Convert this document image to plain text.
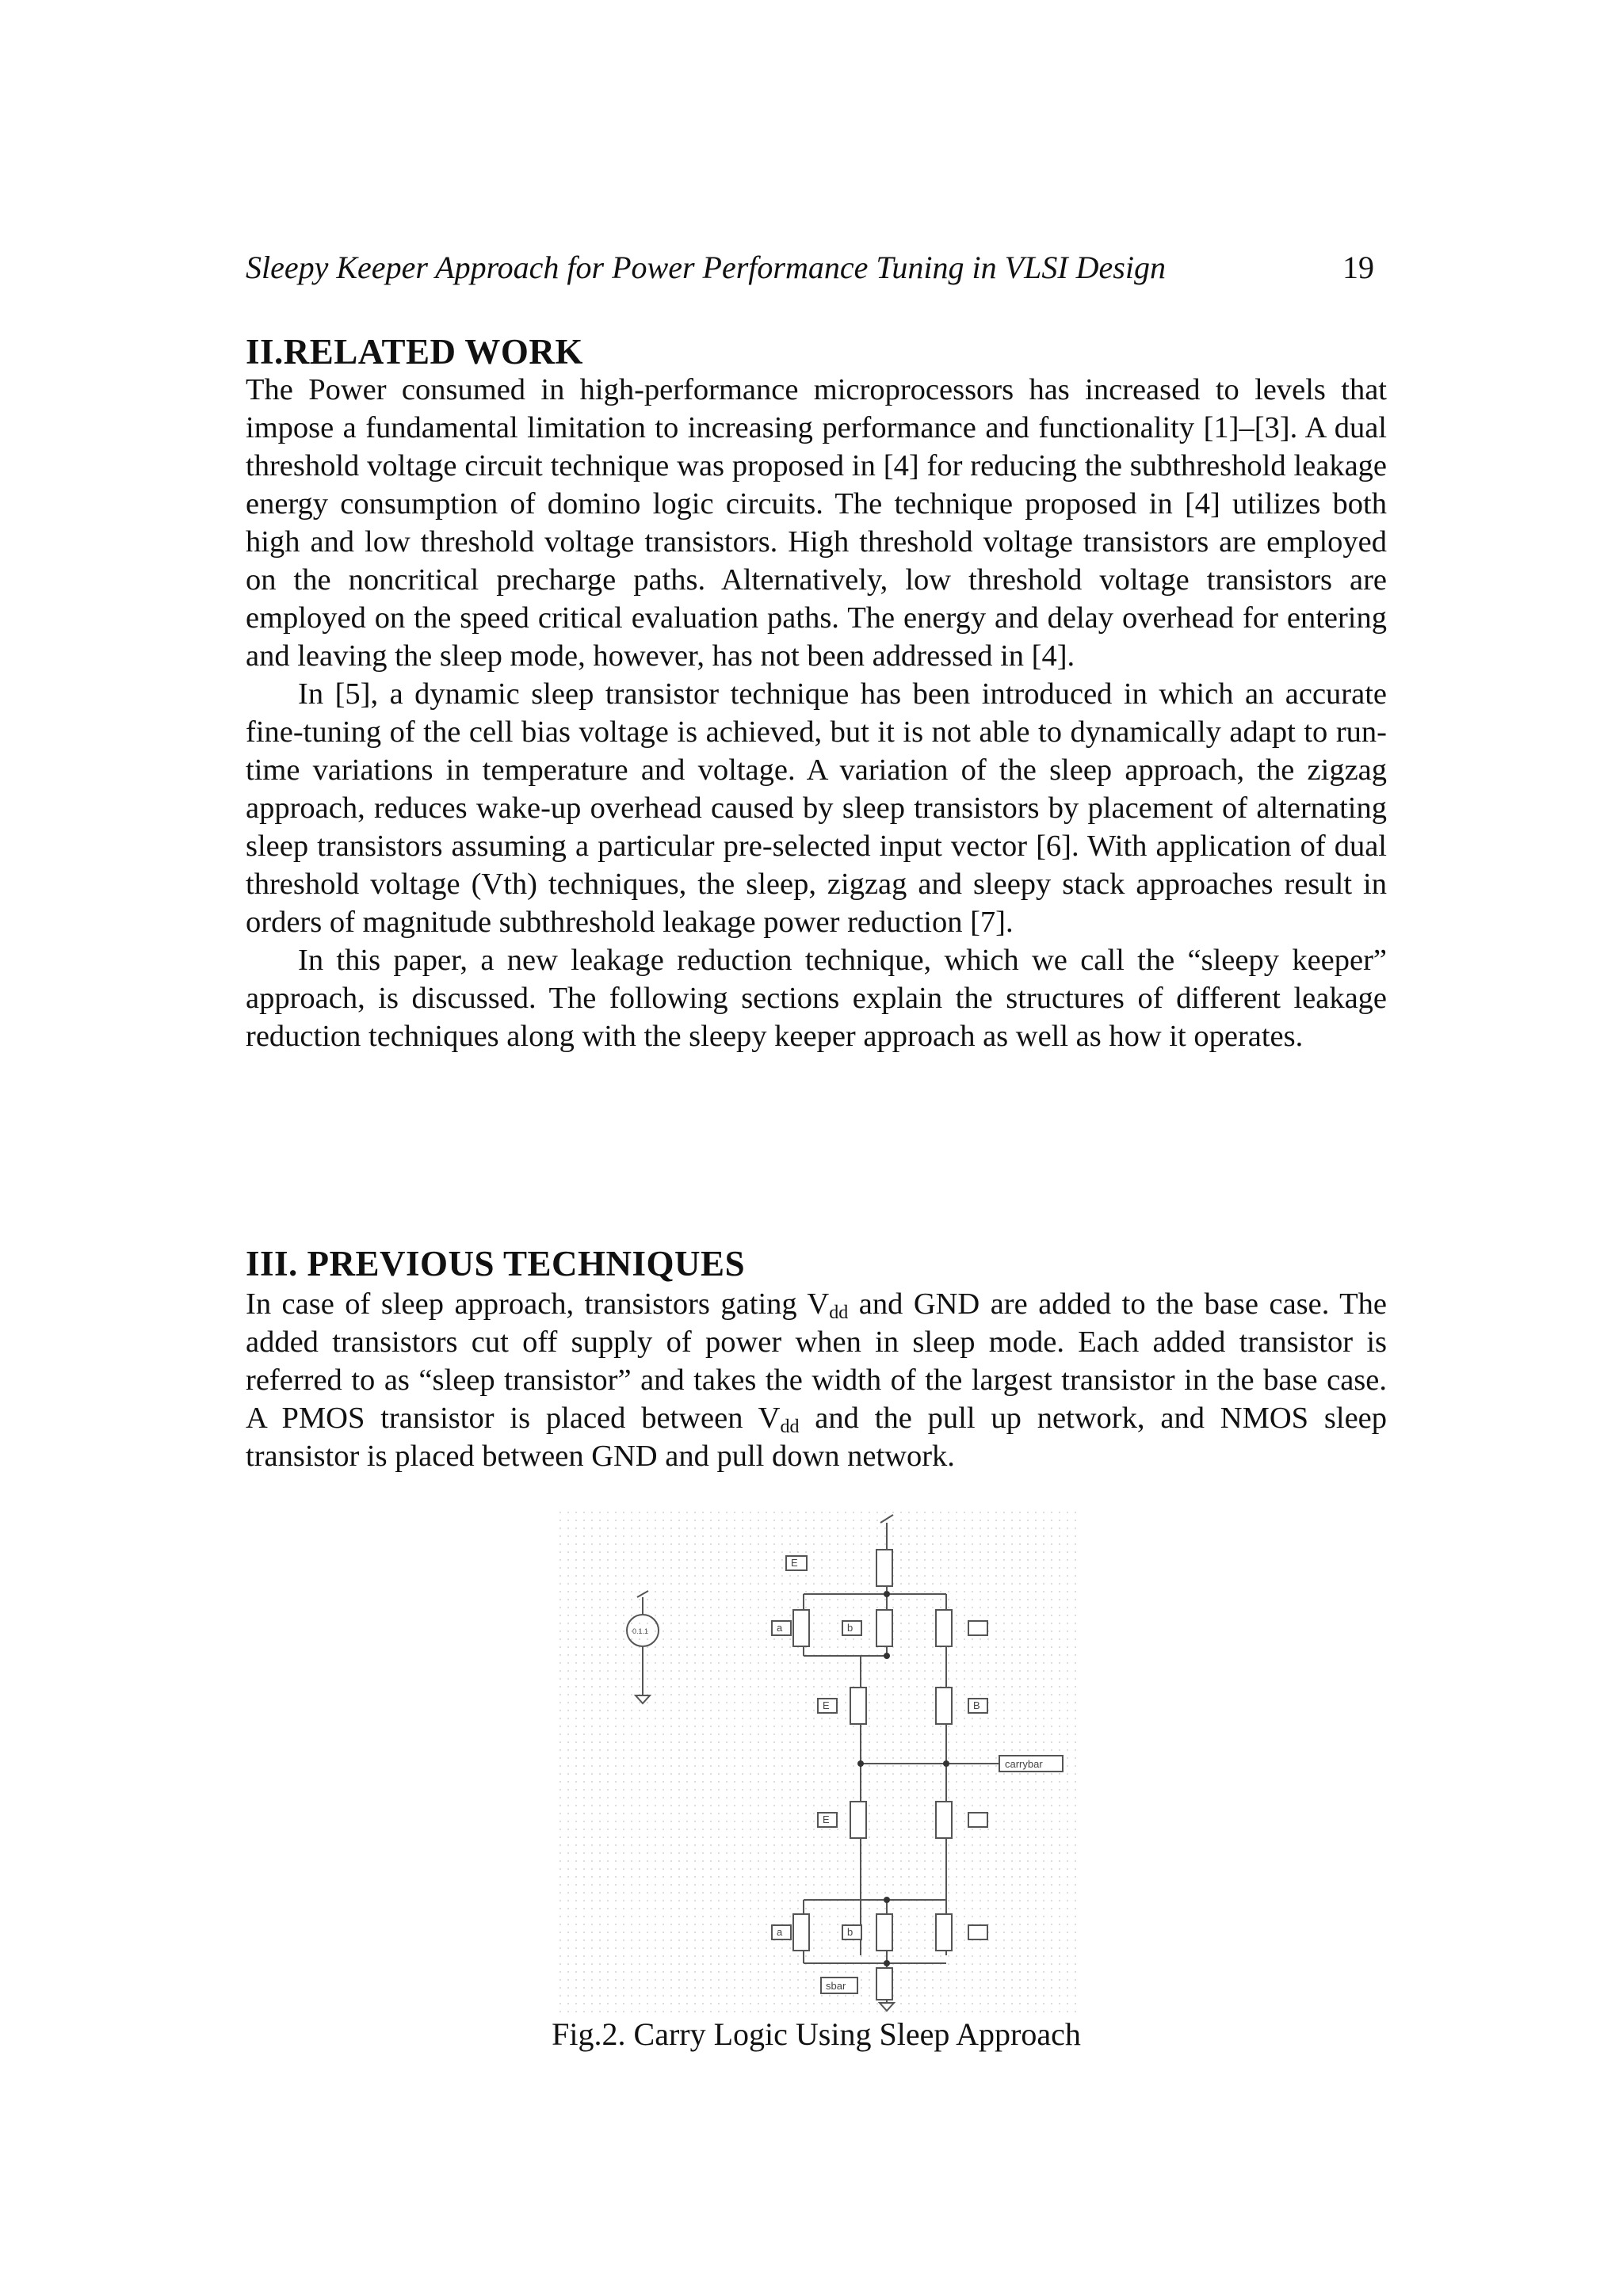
Sleepy Keeper Approach for Power Performance Tuning in VLSI Design	19
II.RELATED WORK

The Power consumed in high-performance microprocessors has increased to levels that impose a fundamental limitation to increasing performance and functionality [1]–[3]. A dual threshold voltage circuit technique was proposed in [4] for reducing the subthreshold leakage energy consumption of domino logic circuits. The technique proposed in [4] utilizes both high and low threshold voltage transistors. High threshold voltage transistors are employed on the noncritical precharge paths. Alternatively, low threshold voltage transistors are employed on the speed critical evaluation paths. The energy and delay overhead for entering and leaving the sleep mode, however, has not been addressed in [4].

In [5], a dynamic sleep transistor technique has been introduced in which an accurate fine-tuning of the cell bias voltage is achieved, but it is not able to dynamically adapt to run-time variations in temperature and voltage. A variation of the sleep approach, the zigzag approach, reduces wake-up overhead caused by sleep transistors by placement of alternating sleep transistors assuming a particular pre-selected input vector [6]. With application of dual threshold voltage (Vth) techniques, the sleep, zigzag and sleepy stack approaches result in orders of magnitude subthreshold leakage power reduction [7].

In this paper, a new leakage reduction technique, which we call the “sleepy keeper” approach, is discussed. The following sections explain the structures of different leakage reduction techniques along with the sleepy keeper approach as well as how it operates.

III. PREVIOUS TECHNIQUES

In case of sleep approach, transistors gating $V_{dd}$ and GND are added to the base case. The added transistors cut off supply of power when in sleep mode. Each added transistor is referred to as “sleep transistor” and takes the width of the largest transistor in the base case. A PMOS transistor is placed between $V_{dd}$ and the pull up network, and NMOS sleep transistor is placed between GND and pull down network.

E
a	b
E	B
E
a	b
sbar
carrybar
0.1.1
Fig.2. Carry Logic Using Sleep Approach
